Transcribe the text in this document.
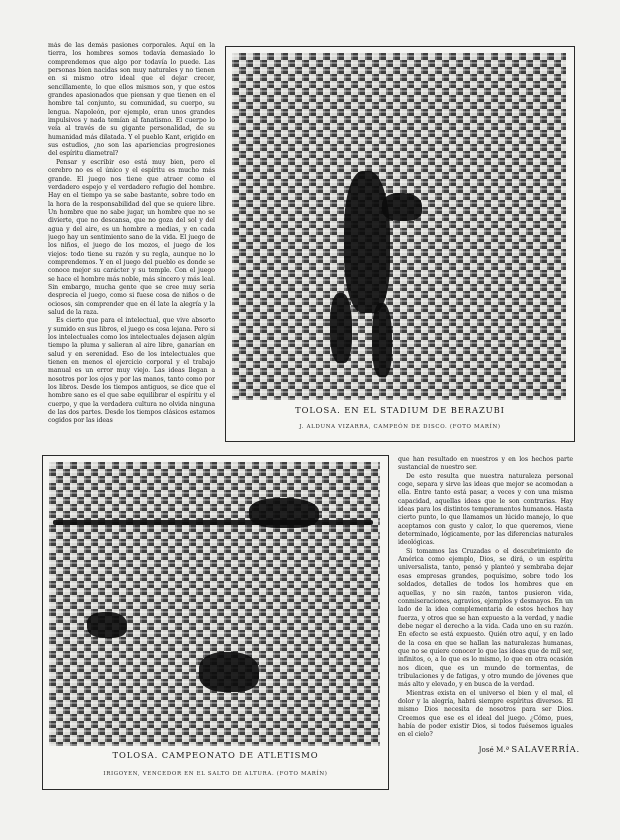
más de las demás pasiones corporales. Aquí en la tierra, los hombres somos todavía demasiado lo comprendemos que algo por todavía lo puede. Las personas bien nacidas son muy naturales y no tienen en si mismo otro ideal que el dejar crecer, sencillamente, lo que ellos mismos son, y que estos grandes apasionados que piensan y que tienen en el hombre tal conjunto, su comunidad, su cuerpo, su lengua. Napoleón, por ejemplo, eran unos grandes impulsivos y nada temían al fanatismo. El cuerpo lo veía al través de su gigante personalidad, de su humanidad más dilatada. Y el pueblo Kant, erigido en sus estudios, ¿no son las apariencias progresiones del espíritu diametral?

Pensar y escribir eso está muy bien, pero el cerebro no es el único y el espíritu es mucho más grande. El juego nos tiene que atraer como el verdadero espejo y el verdadero refugio del hombre. Hay en el tiempo ya se sabe bastante, sobre todo en la hora de la responsabilidad del que se quiere libre. Un hombre que no sabe jugar, un hombre que no se divierte, que no descansa, que no goza del sol y del agua y del aire, es un hombre a medias, y en cada juego hay un sentimiento sano de la vida. El juego de los niños, el juego de los mozos, el juego de los viejos: todo tiene su razón y su regla, aunque no lo comprendemos. Y en el juego del pueblo es donde se conoce mejor su carácter y su temple. Con el juego se hace el hombre más noble, más sincero y más leal. Sin embargo, mucha gente que se cree muy seria desprecia el juego, como si fuese cosa de niños o de ociosos, sin comprender que en él late la alegría y la salud de la raza.

Es cierto que para el intelectual, que vive absorto y sumido en sus libros, el juego es cosa lejana. Pero si los intelectuales como los intelectuales dejasen algún tiempo la pluma y salieran al aire libre, ganarían en salud y en serenidad. Eso de los intelectuales que tienen en menos el ejercicio corporal y el trabajo manual es un error muy viejo. Las ideas llegan a nosotros por los ojos y por las manos, tanto como por los libros. Desde los tiempos antiguos, se dice que el hombre sano es el que sabe equilibrar el espíritu y el cuerpo, y que la verdadera cultura no olvida ninguna de las dos partes. Desde los tiempos clásicos estamos cogidos por las ideas

TOLOSA. EN EL STADIUM DE BERAZUBI
J. ALDUNA VIZARRA, CAMPEÓN DE DISCO. (FOTO MARÍN)
TOLOSA. CAMPEONATO DE ATLETISMO
IRIGOYEN, VENCEDOR EN EL SALTO DE ALTURA. (FOTO MARÍN)

que han resultado en nuestros y en los hechos parte sustancial de nuestro ser.

De esto resulta que nuestra naturaleza personal coge, separa y sirve las ideas que mejor se acomodan a ella. Entre tanto está pasar, a veces y con una misma capacidad, aquellas ideas que le son contrarias. Hay ideas para los distintos temperamentos humanos. Hasta cierto punto, lo que llamamos un lúcido manejo, lo que aceptamos con gusto y calor, lo que queremos, viene determinado, lógicamente, por las diferencias naturales ideológicas.

Si tomamos las Cruzadas o el descubrimiento de América como ejemplo, Dios, se dirá, o un espíritu universalista, tanto, pensó y planteó y sembraba dejar esas empresas grandes, poquísimo, sobre todo los soldados, detalles de todos los hombres que en aquellas, y no sin razón, tantos pusieron vida, conmiseraciones, agravios, ejemplos y desmayos. En un lado de la idea complementaria de estos hechos hay fuerza, y otros que se han expuesto a la verdad, y nadie debe negar el derecho a la vida. Cada uno en su razón. En efecto se está expuesto. Quién otro aquí, y en lado de la cosa en que se hallan las naturalezas humanas, que no se quiere conocer lo que las ideas que de mil ser, infinitos, o, a lo que es lo mismo, lo que en otra ocasión nos dicen, que es un mundo de tormentas, de tribulaciones y de fatigas, y otro mundo de jóvenes que más alto y elevado, y en busca de la verdad.

Mientras exista en el universo el bien y el mal, el dolor y la alegría, habrá siempre espíritus diversos. El mismo Dios necesita de nosotros para ser Dios. Creemos que ese es el ideal del juego. ¿Cómo, pues, había de poder existir Dios, si todos fuésemos iguales en el cielo?

José M.ª SALAVERRÍA.
